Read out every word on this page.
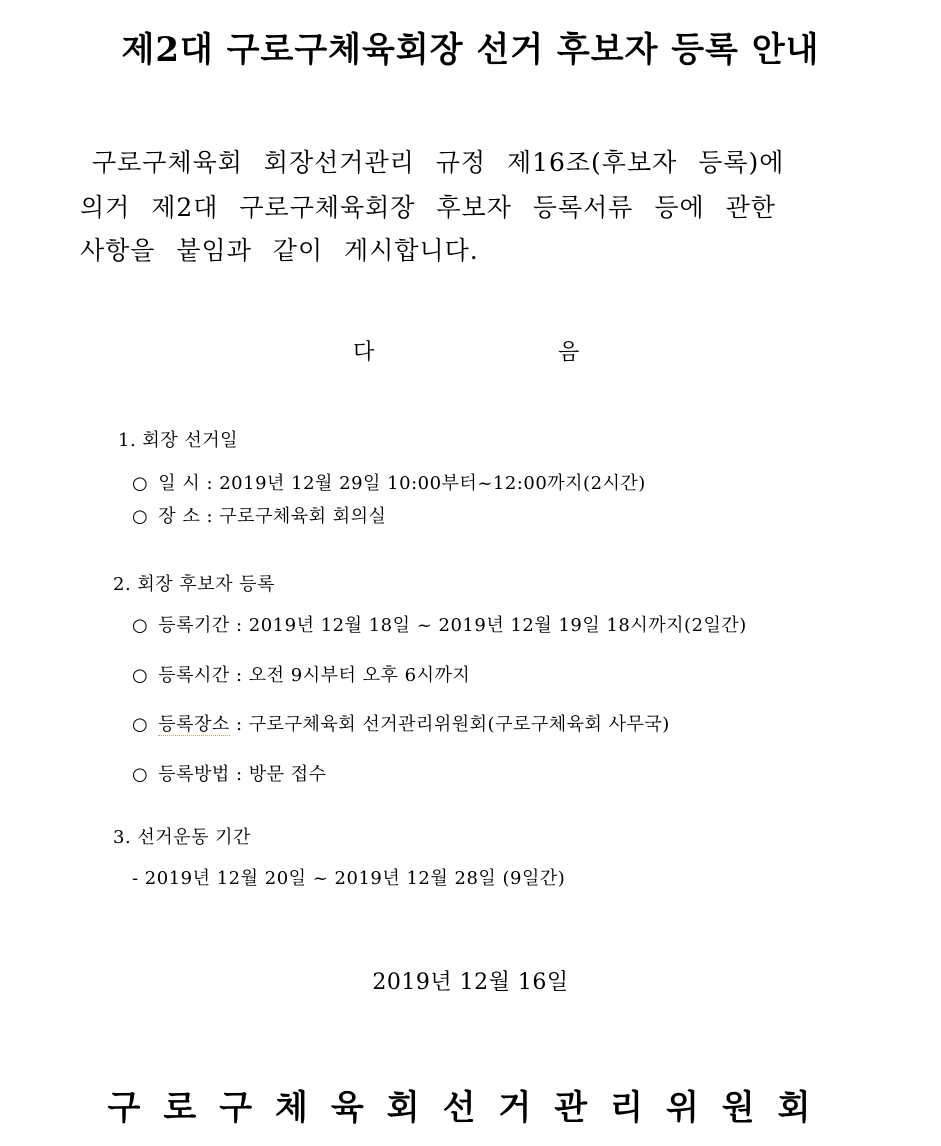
제2대 구로구체육회장 선거 후보자 등록 안내
구로구체육회 회장선거관리 규정 제16조(후보자 등록)에
의거 제2대 구로구체육회장 후보자 등록서류 등에 관한
사항을 붙임과 같이 게시합니다.
다	음
1. 회장 선거일
○ 일 시 : 2019년 12월 29일 10:00부터~12:00까지(2시간)
○ 장 소 : 구로구체육회 회의실
2. 회장 후보자 등록
○ 등록기간 : 2019년 12월 18일 ~ 2019년 12월 19일 18시까지(2일간)
○ 등록시간 : 오전 9시부터 오후 6시까지
○ 등록장소 : 구로구체육회 선거관리위원회(구로구체육회 사무국)
○ 등록방법 : 방문 접수
3. 선거운동 기간
- 2019년 12월 20일 ~ 2019년 12월 28일 (9일간)
2019년 12월 16일
구로구체육회선거관리위원회
